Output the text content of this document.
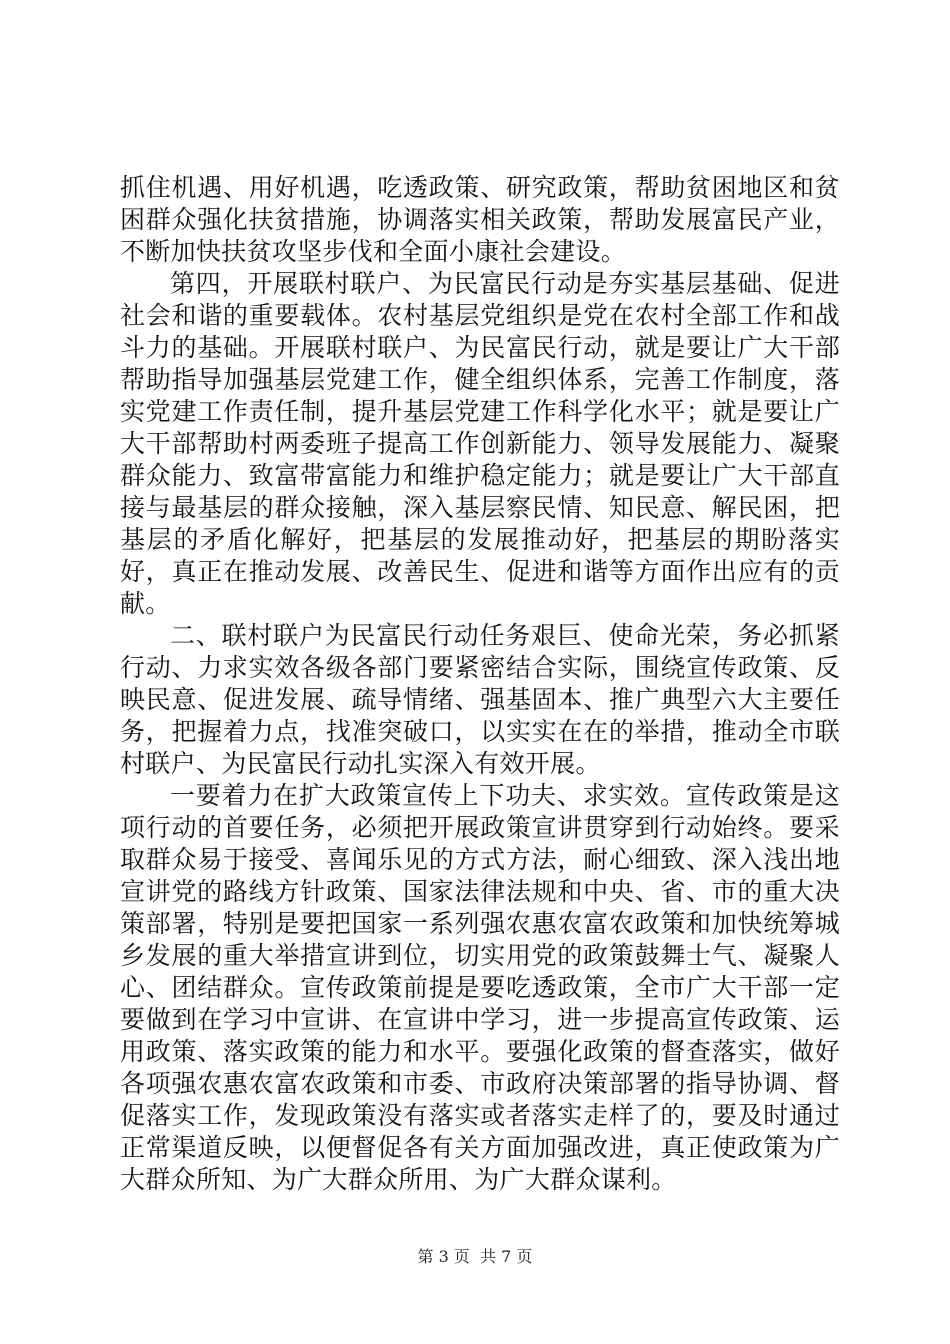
抓住机遇、用好机遇，吃透政策、研究政策，帮助贫困地区和贫困群众强化扶贫措施，协调落实相关政策，帮助发展富民产业，不断加快扶贫攻坚步伐和全面小康社会建设。

第四，开展联村联户、为民富民行动是夯实基层基础、促进社会和谐的重要载体。农村基层党组织是党在农村全部工作和战斗力的基础。开展联村联户、为民富民行动，就是要让广大干部帮助指导加强基层党建工作，健全组织体系，完善工作制度，落实党建工作责任制，提升基层党建工作科学化水平；就是要让广大干部帮助村两委班子提高工作创新能力、领导发展能力、凝聚群众能力、致富带富能力和维护稳定能力；就是要让广大干部直接与最基层的群众接触，深入基层察民情、知民意、解民困，把基层的矛盾化解好，把基层的发展推动好，把基层的期盼落实好，真正在推动发展、改善民生、促进和谐等方面作出应有的贡献。

二、联村联户为民富民行动任务艰巨、使命光荣，务必抓紧行动、力求实效各级各部门要紧密结合实际，围绕宣传政策、反映民意、促进发展、疏导情绪、强基固本、推广典型六大主要任务，把握着力点，找准突破口，以实实在在的举措，推动全市联村联户、为民富民行动扎实深入有效开展。

一要着力在扩大政策宣传上下功夫、求实效。宣传政策是这项行动的首要任务，必须把开展政策宣讲贯穿到行动始终。要采取群众易于接受、喜闻乐见的方式方法，耐心细致、深入浅出地宣讲党的路线方针政策、国家法律法规和中央、省、市的重大决策部署，特别是要把国家一系列强农惠农富农政策和加快统筹城乡发展的重大举措宣讲到位，切实用党的政策鼓舞士气、凝聚人心、团结群众。宣传政策前提是要吃透政策，全市广大干部一定要做到在学习中宣讲、在宣讲中学习，进一步提高宣传政策、运用政策、落实政策的能力和水平。要强化政策的督查落实，做好各项强农惠农富农政策和市委、市政府决策部署的指导协调、督促落实工作，发现政策没有落实或者落实走样了的，要及时通过正常渠道反映，以便督促各有关方面加强改进，真正使政策为广大群众所知、为广大群众所用、为广大群众谋利。

第 3 页  共 7 页
